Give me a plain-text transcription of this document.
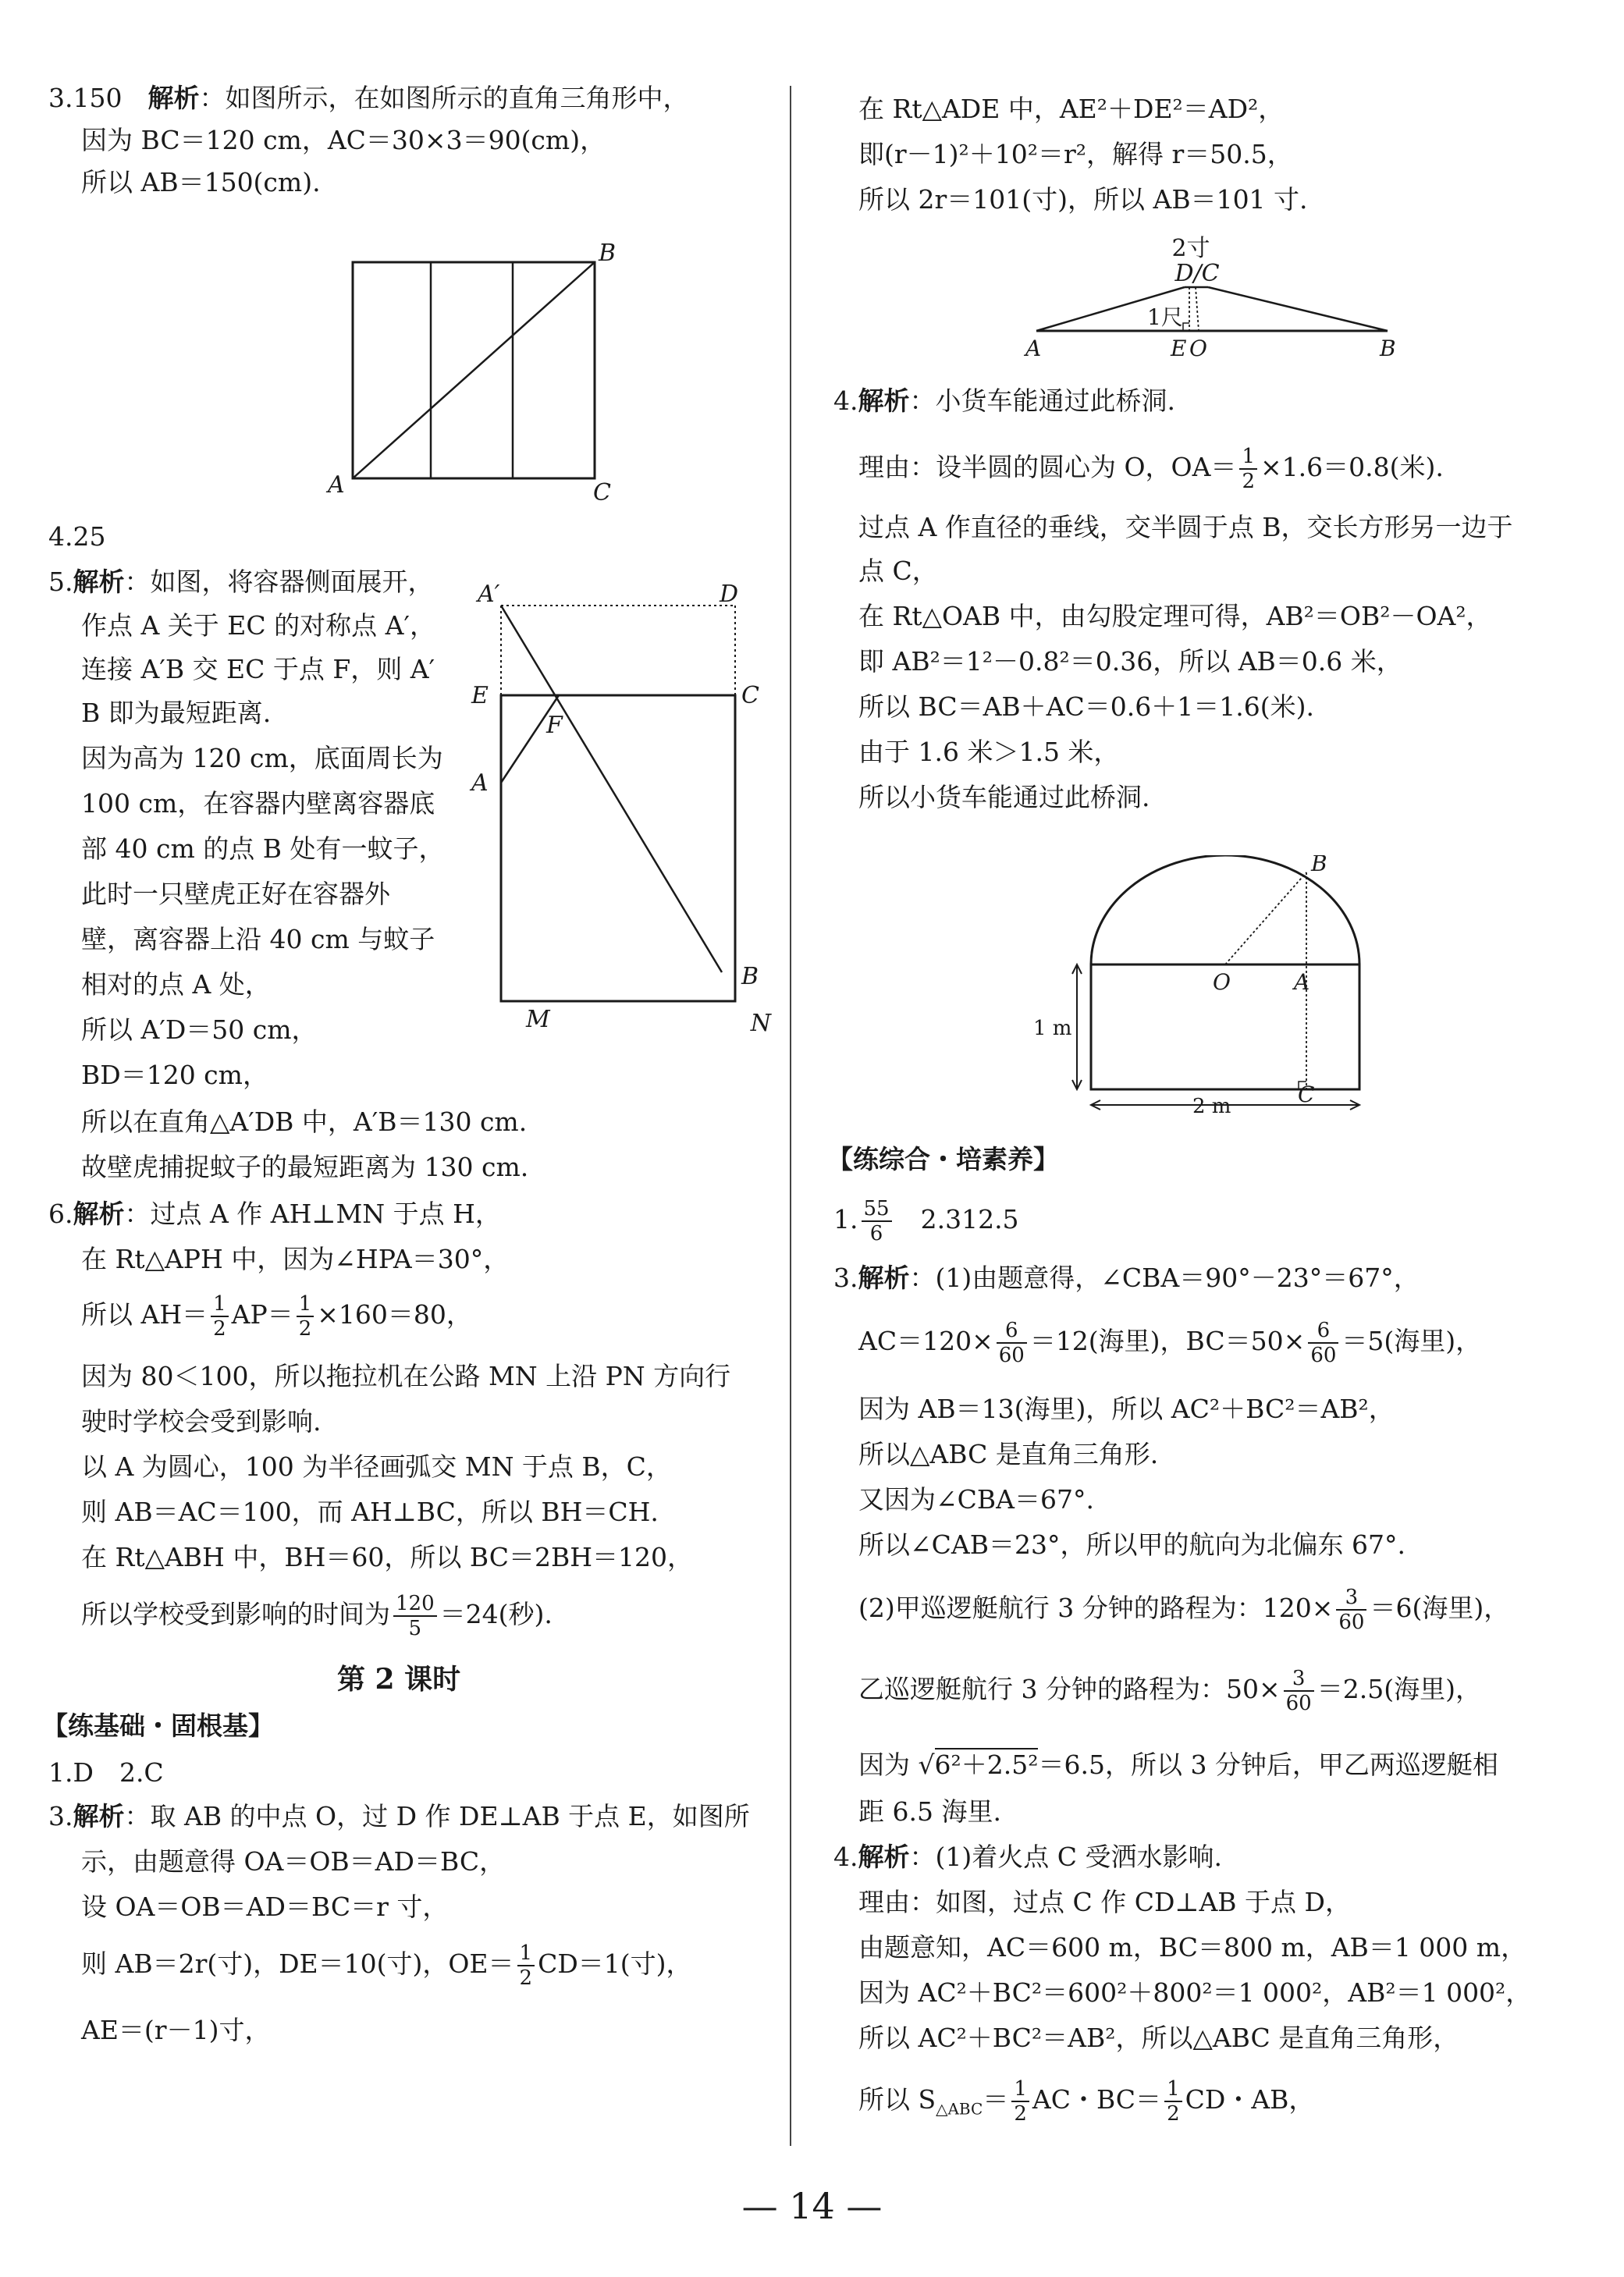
3.150　 解析：如图所示，在如图所示的直角三角形中，
因为 BC＝120 cm，AC＝30×3＝90(cm)，
所以 AB＝150(cm).
B
A	C
4.25
5.解析：如图，将容器侧面展开，
作点 A 关于 EC 的对称点 A′，
连接 A′B 交 EC 于点 F，则 A′
B 即为最短距离.
因为高为 120 cm，底面周长为
100 cm，在容器内壁离容器底
部 40 cm 的点 B 处有一蚊子，
此时一只壁虎正好在容器外
壁，离容器上沿 40 cm 与蚊子
相对的点 A 处，
所以 A′D＝50 cm，
BD＝120 cm，
所以在直角△A′DB 中，A′B＝130 cm.
故壁虎捕捉蚊子的最短距离为 130 cm.
A′	D
E
F
C
A
B
M	N
6.解析：过点 A 作 AH⊥MN 于点 H，
在 Rt△APH 中，因为∠HPA＝30°，
所以 $AH= \frac{1}{2} AP= \frac{1}{2} \times 160=80$，
因为 80＜100，所以拖拉机在公路 MN 上沿 PN 方向行
驶时学校会受到影响.
以 A 为圆心，100 为半径画弧交 MN 于点 B，C，
则 AB＝AC＝100，而 AH⊥BC，所以 BH＝CH.
在 Rt△ABH 中，BH＝60，所以 BC＝2BH＝120，
所以学校受到影响的时间为 $\frac{120}{5} =24$(秒).
第 2 课时
【练基础・固根基】
1.D　2.C
3.解析：取 AB 的中点 O，过 D 作 DE⊥AB 于点 E，如图所
示，由题意得 OA＝OB＝AD＝BC，
设 OA＝OB＝AD＝BC＝r 寸，
则 AB＝2r(寸)，DE＝10(寸)，$OE= \frac{1}{2} CD=1$(寸)，
AE＝(r－1)寸，
在 Rt△ADE 中，AE²＋DE²＝AD²，
即(r－1)²＋10²＝r²，解得 r＝50.5，
所以 2r＝101(寸)，所以 AB＝101 寸.
2寸
D/C
1尺
A	E O	B
4.解析：小货车能通过此桥洞.
理由：设半圆的圆心为 O，$OA= \frac{1}{2} \times 1.6=0.8$(米).
过点 A 作直径的垂线，交半圆于点 B，交长方形另一边于
点 C，
在 Rt△OAB 中，由勾股定理可得，AB²＝OB²－OA²，
即 AB²＝1²－0.8²＝0.36，所以 AB＝0.6 米，
所以 BC＝AB＋AC＝0.6＋1＝1.6(米).
由于 1.6 米＞1.5 米，
所以小货车能通过此桥洞.
B
O	A
C
1 m
2 m
【练综合・培素养】
1. $\frac{55}{6}$ 　2.312.5
3.解析：(1)由题意得，∠CBA＝90°－23°＝67°，
$AC=120\times \frac{6}{60} =12$(海里)，$BC=50\times \frac{6}{60} =5$(海里)，
因为 AB＝13(海里)，所以 AC²＋BC²＝AB²，
所以△ABC 是直角三角形.
又因为∠CBA＝67°.
所以∠CAB＝23°，所以甲的航向为北偏东 67°.
(2)甲巡逻艇航行 3 分钟的路程为：$120\times \frac{3}{60} =6$(海里)，
乙巡逻艇航行 3 分钟的路程为：$50\times \frac{3}{60} =2.5$(海里)，
因为 √6²＋2.5²＝6.5，所以 3 分钟后，甲乙两巡逻艇相
距 6.5 海里.
4.解析：(1)着火点 C 受洒水影响.
理由：如图，过点 C 作 CD⊥AB 于点 D，
由题意知，AC＝600 m，BC＝800 m，AB＝1 000 m，
因为 AC²＋BC²＝600²＋800²＝1 000²，AB²＝1 000²，
所以 AC²＋BC²＝AB²，所以△ABC 是直角三角形，
所以 $S_{\triangle ABC}= \frac{1}{2}$ AC・$BC= \frac{1}{2}$ CD・AB，
— 14 —
